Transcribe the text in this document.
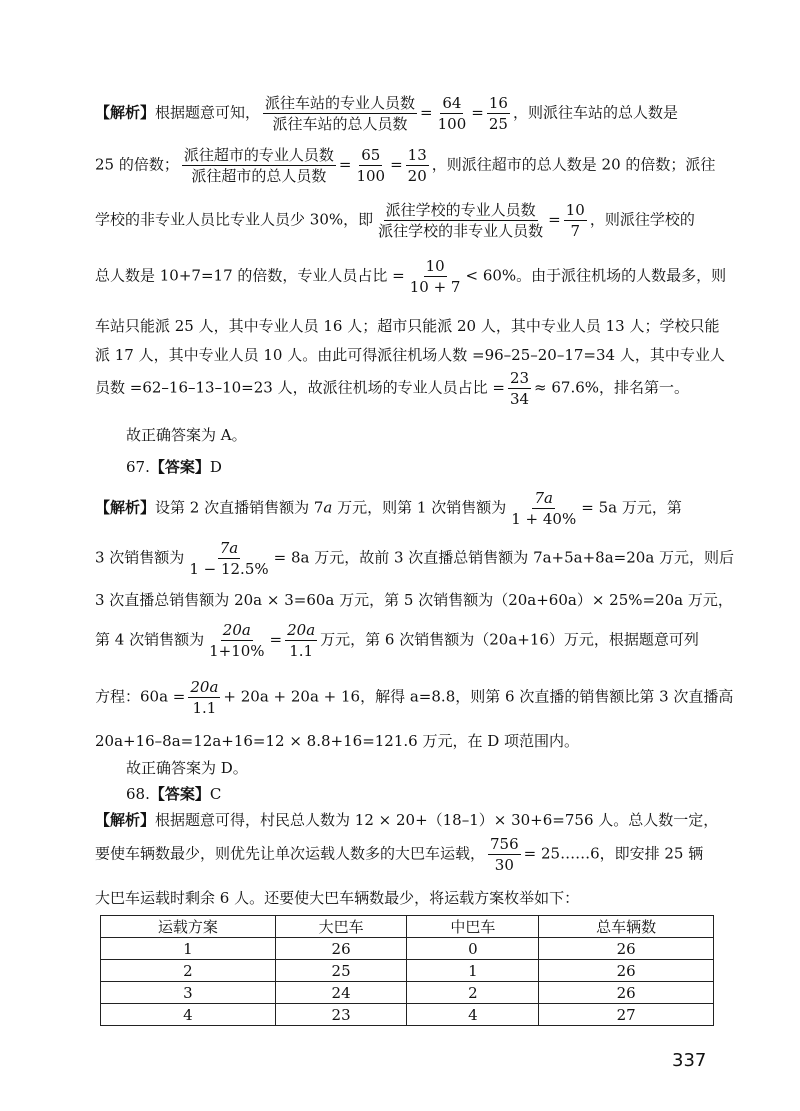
【解析】根据题意可知， $\frac{\text{派往车站的专业人员数}}{\text{派往车站的总人员数}} = \frac{64}{100} = \frac{16}{25}$ ，则派往车站的总人数是
25 的倍数； $\frac{\text{派往超市的专业人员数}}{\text{派往超市的总人员数}} = \frac{65}{100} = \frac{13}{20}$ ，则派往超市的总人数是 20 的倍数；派往
学校的非专业人员比专业人员少 30%，即 $\frac{\text{派往学校的专业人员数}}{\text{派往学校的非专业人员数}} = \frac{10}{7}$ ，则派往学校的
总人数是 10+7=17 的倍数，专业人员占比 = $\frac{10}{10 + 7} < 60\%$。由于派往机场的人数最多，则
车站只能派 25 人，其中专业人员 16 人；超市只能派 20 人，其中专业人员 13 人；学校只能
派 17 人，其中专业人员 10 人。由此可得派往机场人数 =96–25–20–17=34 人，其中专业人
员数 =62–16–13–10=23 人，故派往机场的专业人员占比 = $\frac{23}{34} \approx 67.6\%$，排名第一。
故正确答案为 A。
67.【答案】D
【解析】设第 2 次直播销售额为 7a 万元，则第 1 次销售额为 $\frac{7a}{1 + 40\%} = 5a$ 万元，第
3 次销售额为 $\frac{7a}{1 - 12.5\%} = 8a$ 万元，故前 3 次直播总销售额为 7a+5a+8a=20a 万元，则后
3 次直播总销售额为 20a × 3=60a 万元，第 5 次销售额为（20a+60a）× 25%=20a 万元，
第 4 次销售额为 $\frac{20a}{1+10\%} = \frac{20a}{1.1}$ 万元，第 6 次销售额为（20a+16）万元，根据题意可列
方程：$60a = \frac{20a}{1.1} + 20a + 20a + 16$，解得 a=8.8，则第 6 次直播的销售额比第 3 次直播高
20a+16–8a=12a+16=12 × 8.8+16=121.6 万元，在 D 项范围内。
故正确答案为 D。
68.【答案】C
【解析】根据题意可得，村民总人数为 12 × 20+（18–1）× 30+6=756 人。总人数一定，
要使车辆数最少，则优先让单次运载人数多的大巴车运载， $\frac{756}{30}$ = 25……6，即安排 25 辆
大巴车运载时剩余 6 人。还要使大巴车辆数最少，将运载方案枚举如下：
运载方案	大巴车	中巴车	总车辆数
1	26	0	26
2	25	1	26
3	24	2	26
4	23	4	27
337
